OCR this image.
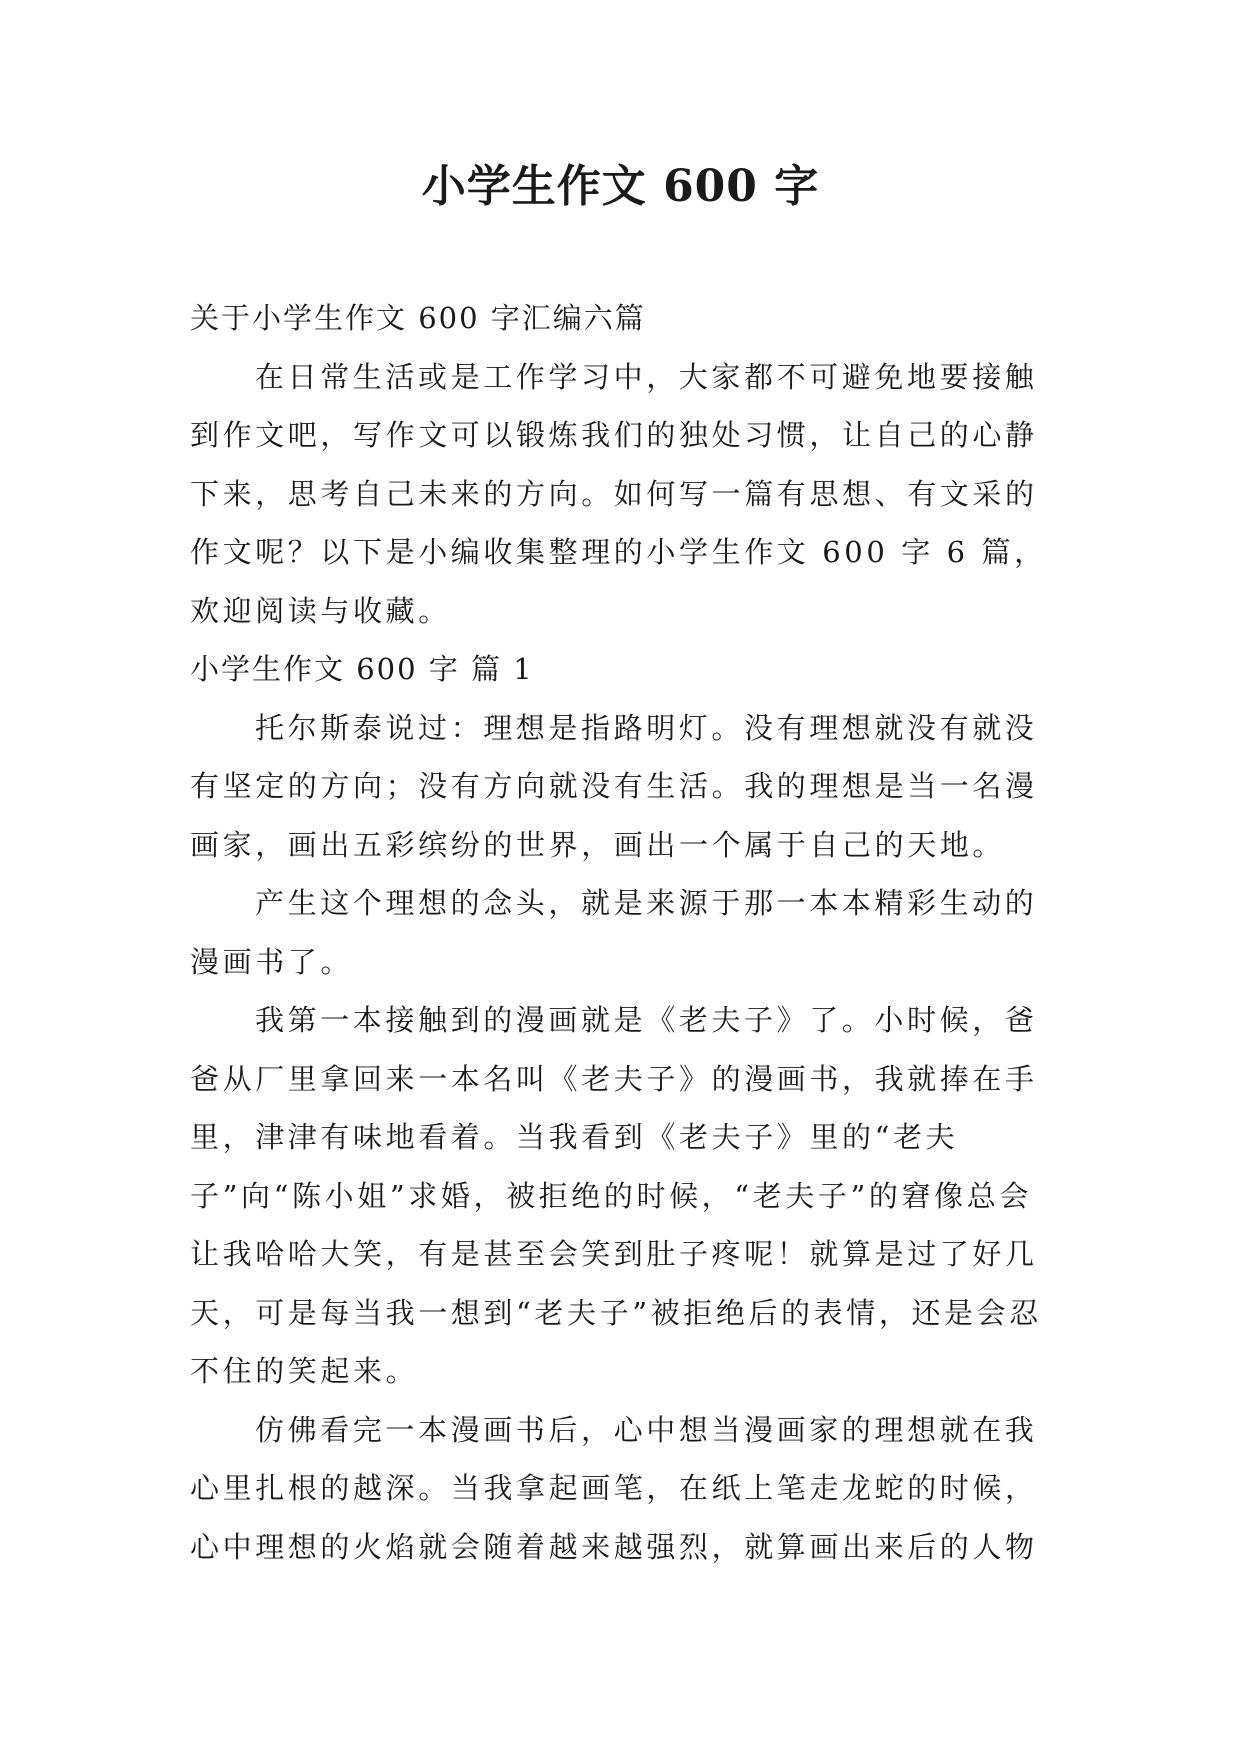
小学生作文 600 字

关于小学生作文 600 字汇编六篇

在日常生活或是工作学习中，大家都不可避免地要接触到作文吧，写作文可以锻炼我们的独处习惯，让自己的心静下来，思考自己未来的方向。如何写一篇有思想、有文采的作文呢？以下是小编收集整理的小学生作文 600 字 6 篇，欢迎阅读与收藏。

小学生作文 600 字 篇 1

托尔斯泰说过：理想是指路明灯。没有理想就没有就没有坚定的方向；没有方向就没有生活。我的理想是当一名漫画家，画出五彩缤纷的世界，画出一个属于自己的天地。

产生这个理想的念头，就是来源于那一本本精彩生动的漫画书了。

我第一本接触到的漫画就是《老夫子》了。小时候，爸爸从厂里拿回来一本名叫《老夫子》的漫画书，我就捧在手里，津津有味地看着。当我看到《老夫子》里的“老夫子”向“陈小姐”求婚，被拒绝的时候，“老夫子”的窘像总会让我哈哈大笑，有是甚至会笑到肚子疼呢！就算是过了好几天，可是每当我一想到“老夫子”被拒绝后的表情，还是会忍不住的笑起来。

仿佛看完一本漫画书后，心中想当漫画家的理想就在我心里扎根的越深。当我拿起画笔，在纸上笔走龙蛇的时候，心中理想的火焰就会随着越来越强烈，就算画出来后的人物
